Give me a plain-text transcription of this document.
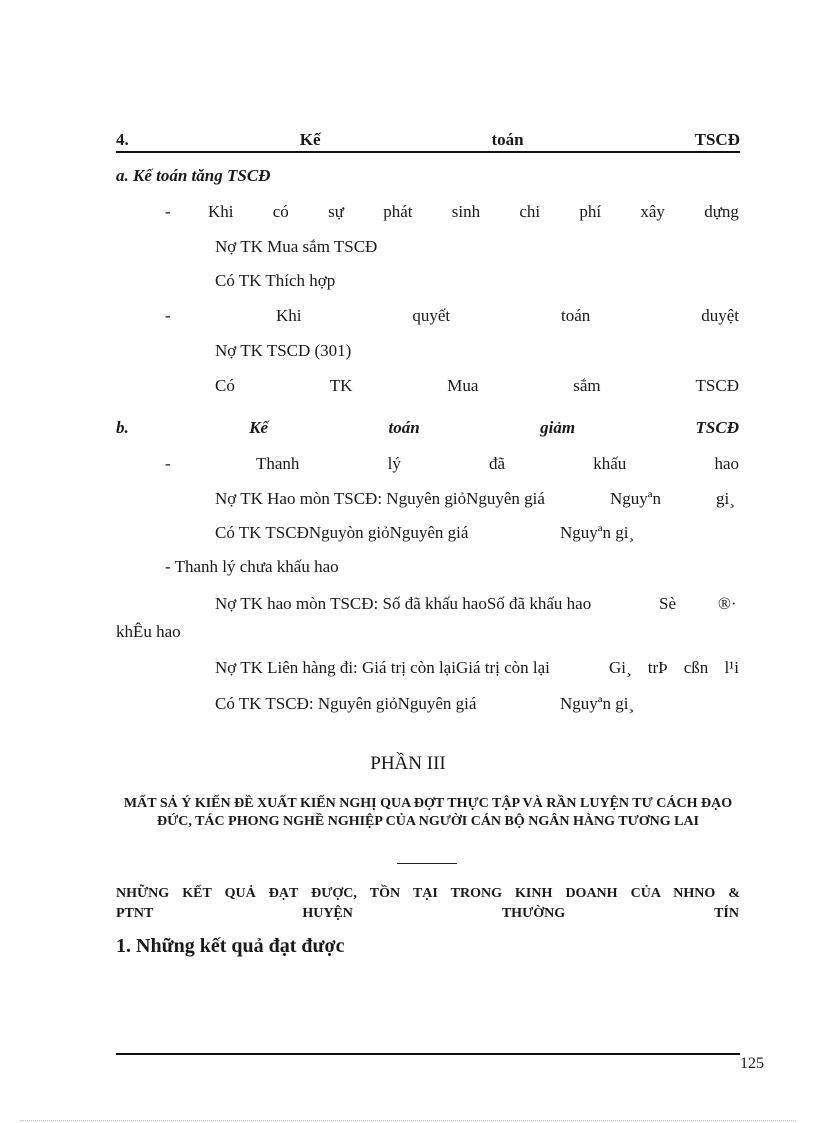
4.	Kế	toán	TSCĐ
a. Kế toán tăng TSCĐ
- Khi có sự phát sinh chi phí xây dựng
Nợ TK Mua sắm TSCĐ
Có TK Thích hợp
-	Khi	quyết	toán	duyệt
Nợ TK TSCD (301)
Có	TK	Mua	sắm	TSCĐ
b.	Kế	toán	giảm	TSCĐ
-	Thanh	lý	đã	khấu	hao
Nợ TK Hao mòn TSCĐ: Nguyên giỏNguyên giá	Nguyªn	gi¸
Có TK TSCĐNguyòn giỏNguyên giá	Nguyªn gi¸
- Thanh lý chưa khấu hao
Nợ TK hao mòn TSCĐ: Số đã khấu haoSố đã khấu hao	Sè ®·
khÊu hao
Nợ TK Liên hàng đi: Giá trị còn lạiGiá trị còn lại	Gi¸ trÞ cßn l¹i
Có TK TSCĐ: Nguyên giỏNguyên giá	Nguyªn gi¸
PHẦN III
MẤT SẢ Ý KIẾN ĐỀ XUẤT KIẾN NGHỊ QUA ĐỢT THỰC TẬP VÀ RẦN LUYỆN TƯ CÁCH ĐẠO ĐỨC, TÁC PHONG NGHỀ NGHIỆP CỦA NGƯỜI CÁN BỘ NGÂN HÀNG TƯƠNG LAI
NHỮNG KẾT QUẢ ĐẠT ĐƯỢC, TỒN TẠI TRONG KINH DOANH CỦA NHNO &
PTNT	HUYỆN	THƯỜNG	TÍN
1. Những kết quả đạt được
125
